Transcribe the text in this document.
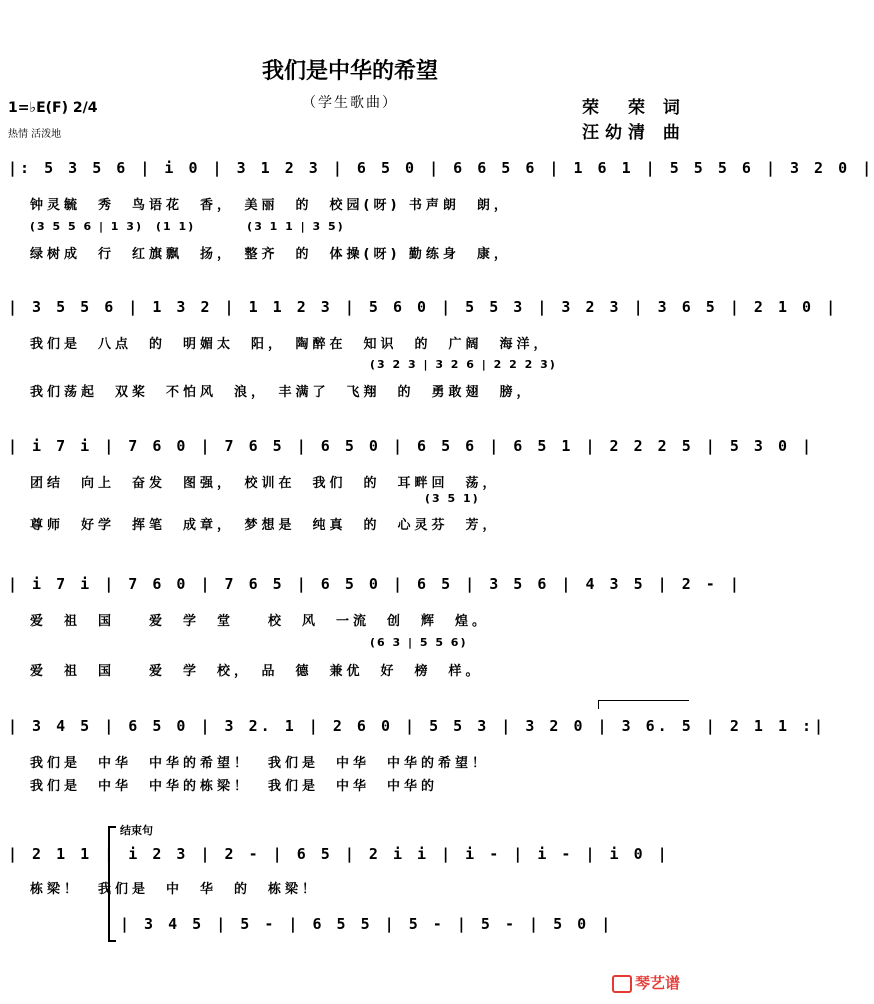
我们是中华的希望
（学生歌曲）
1=♭E(F) 2/4
热情 活泼地
荣　荣 词
汪幼清 曲
|: 5 3 5 6 | i 0 | 3 1 2 3 | 6 5 0 | 6 6 5 6 | 1 6 1 | 5 5 5 6 | 3 2 0 |
钟灵毓　秀　鸟语花　香，　美丽　的　校园(呀) 书声朗　朗，
(3 5 5 6 | 1 3)　(1 1)　　　　(3 1 1 | 3 5)
绿树成　行　红旗飘　扬，　整齐　的　体操(呀) 勤练身　康，
| 3 5 5 6 | 1 3 2 | 1 1 2 3 | 5 6 0 | 5 5 3 | 3 2 3 | 3 6 5 | 2 1 0 |
我们是　八点　的　明媚太　阳，　陶醉在　知识　的　广阔　海洋，
(3 2 3 | 3 2 6 | 2 2 2 3)
我们荡起　双桨　不怕风　浪，　丰满了　飞翔　的　勇敢翅　膀，
| i 7 i | 7 6 0 | 7 6 5 | 6 5 0 | 6 5 6 | 6 5 1 | 2 2 2 5 | 5 3 0 |
团结　向上　奋发　图强，　校训在　我们　的　耳畔回　荡，
(3 5 1)
尊师　好学　挥笔　成章，　梦想是　纯真　的　心灵芬　芳，
| i 7 i | 7 6 0 | 7 6 5 | 6 5 0 | 6 5 | 3 5 6 | 4 3 5 | 2 - |
爱　祖　国　　爱　学　堂　　校　风　一流　创　辉　煌。
(6 3 | 5 5 6)
爱　祖　国　　爱　学　校，　品　德　兼优　好　榜　样。
| 3 4 5 | 6 5 0 | 3 2. 1 | 2 6 0 | 5 5 3 | 3 2 0 | 3 6. 5 | 2 1 1 :|
我们是　中华　中华的希望！　我们是　中华　中华的希望！
我们是　中华　中华的栋梁！　我们是　中华　中华的
结束句
| 2 1 1 | i 2 3 | 2 - | 6 5 | 2 i i | i - | i - | i 0 |
栋梁！　我们是　中　华　的　栋梁！
| 3 4 5 | 5 - | 6 5 5 | 5 - | 5 - | 5 0 |
琴艺谱
